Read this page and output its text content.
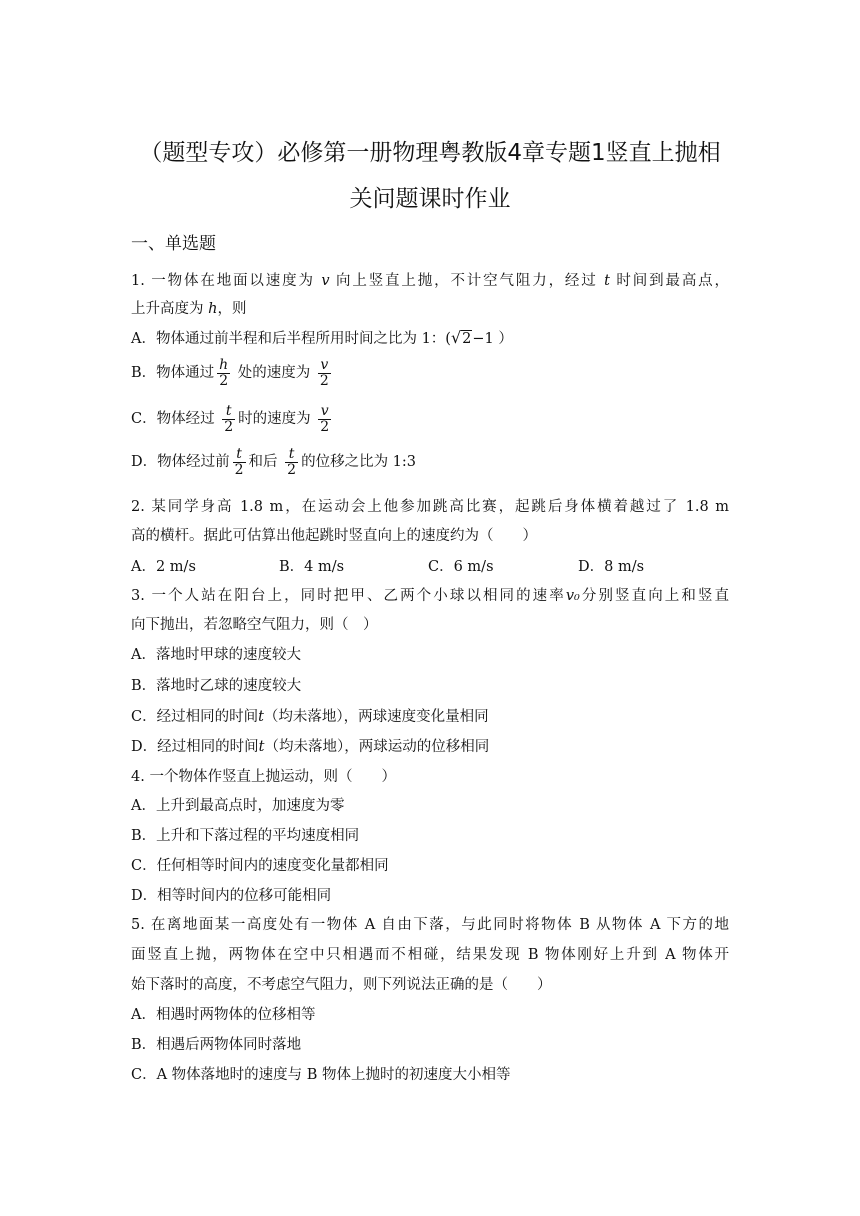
（题型专攻）必修第一册物理粤教版4章专题1竖直上抛相
关问题课时作业
一、单选题
1. 一物体在地面以速度为 v 向上竖直上抛，不计空气阻力，经过 t 时间到最高点，
上升高度为 h，则
A．物体通过前半程和后半程所用时间之比为 1：(√2−1 ）
B．物体通过 $\frac{h}{2}$ 处的速度为 $\frac{v}{2}$
C．物体经过 $\frac{t}{2}$ 时的速度为 $\frac{v}{2}$
D．物体经过前 $\frac{t}{2}$ 和后 $\frac{t}{2}$ 的位移之比为 1:3
2. 某同学身高 1.8 m，在运动会上他参加跳高比赛，起跳后身体横着越过了 1.8 m
高的横杆。据此可估算出他起跳时竖直向上的速度约为（　　）
A．2 m/s	B．4 m/s	C．6 m/s	D．8 m/s
3. 一个人站在阳台上，同时把甲、乙两个小球以相同的速率v₀分别竖直向上和竖直
向下抛出，若忽略空气阻力，则（　）
A．落地时甲球的速度较大
B．落地时乙球的速度较大
C．经过相同的时间t（均未落地），两球速度变化量相同
D．经过相同的时间t（均未落地），两球运动的位移相同
4. 一个物体作竖直上抛运动，则（　　）
A．上升到最高点时，加速度为零
B．上升和下落过程的平均速度相同
C．任何相等时间内的速度变化量都相同
D．相等时间内的位移可能相同
5. 在离地面某一高度处有一物体 A 自由下落，与此同时将物体 B 从物体 A 下方的地
面竖直上抛，两物体在空中只相遇而不相碰，结果发现 B 物体刚好上升到 A 物体开
始下落时的高度，不考虑空气阻力，则下列说法正确的是（　　）
A．相遇时两物体的位移相等
B．相遇后两物体同时落地
C．A 物体落地时的速度与 B 物体上抛时的初速度大小相等
